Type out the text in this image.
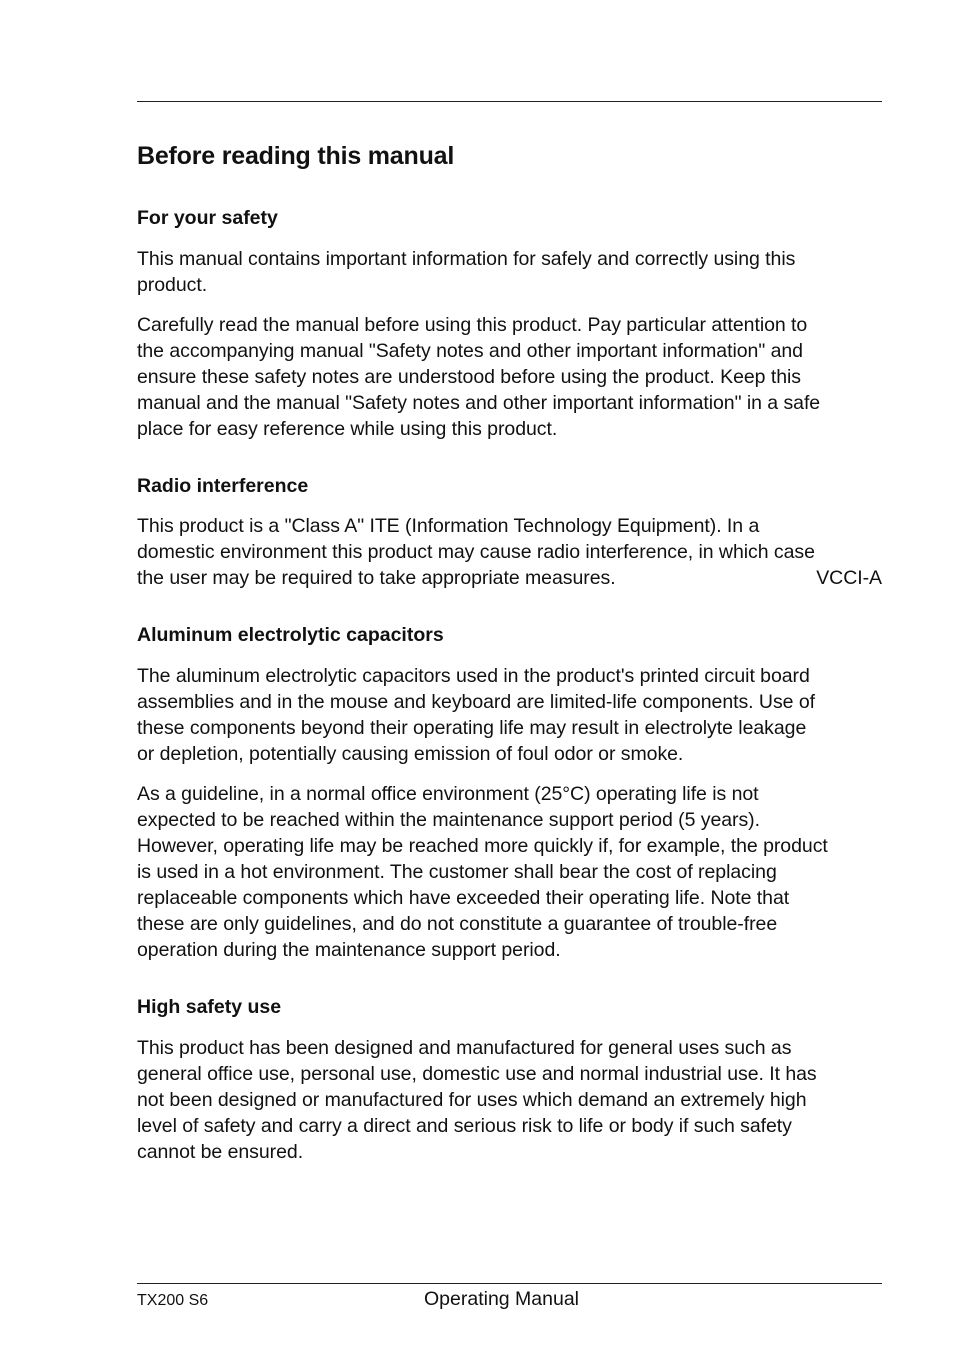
Before reading this manual
For your safety

This manual contains important information for safely and correctly using this
product.

Carefully read the manual before using this product. Pay particular attention to
the accompanying manual "Safety notes and other important information" and
ensure these safety notes are understood before using the product. Keep this
manual and the manual "Safety notes and other important information" in a safe
place for easy reference while using this product.

Radio interference

This product is a "Class A" ITE (Information Technology Equipment). In a
domestic environment this product may cause radio interference, in which case
the user may be required to take appropriate measures.	VCCI-A

Aluminum electrolytic capacitors

The aluminum electrolytic capacitors used in the product's printed circuit board
assemblies and in the mouse and keyboard are limited-life components. Use of
these components beyond their operating life may result in electrolyte leakage
or depletion, potentially causing emission of foul odor or smoke.

As a guideline, in a normal office environment (25°C) operating life is not
expected to be reached within the maintenance support period (5 years).
However, operating life may be reached more quickly if, for example, the product
is used in a hot environment. The customer shall bear the cost of replacing
replaceable components which have exceeded their operating life. Note that
these are only guidelines, and do not constitute a guarantee of trouble-free
operation during the maintenance support period.

High safety use

This product has been designed and manufactured for general uses such as
general office use, personal use, domestic use and normal industrial use. It has
not been designed or manufactured for uses which demand an extremely high
level of safety and carry a direct and serious risk to life or body if such safety
cannot be ensured.

TX200 S6	Operating Manual
